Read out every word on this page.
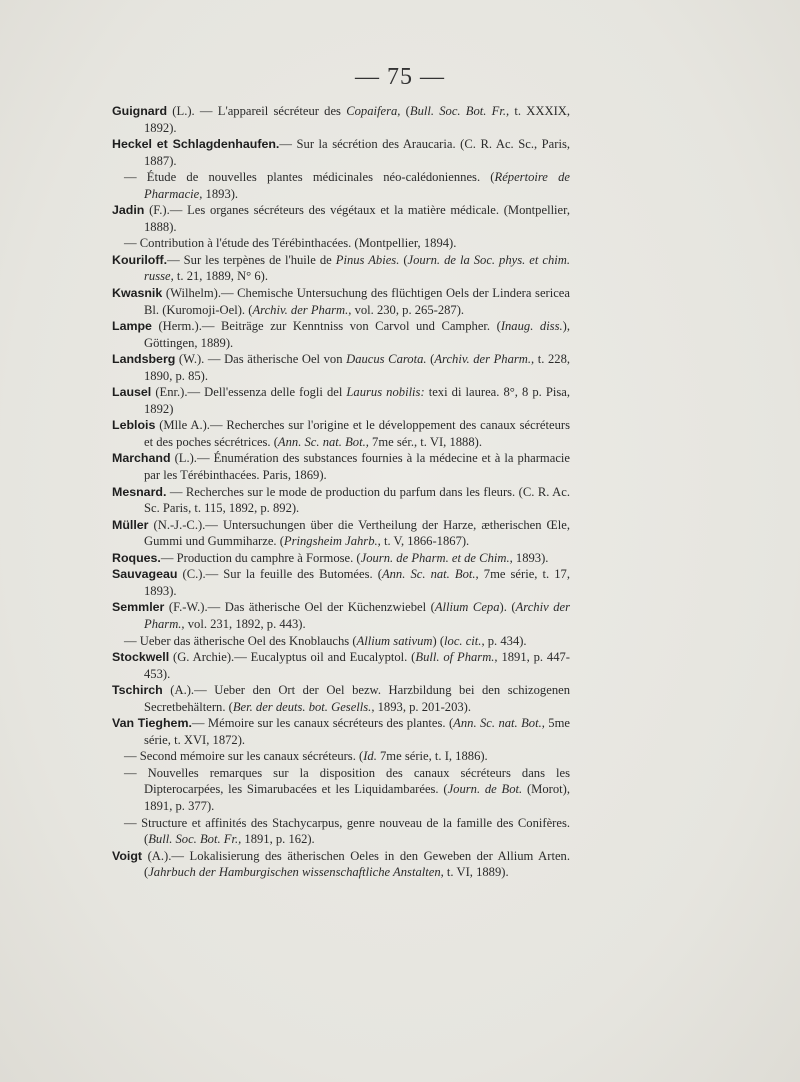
— 75 —
Guignard (L.). — L'appareil sécréteur des Copaifera, (Bull. Soc. Bot. Fr., t. XXXIX, 1892).
Heckel et Schlagdenhaufen.— Sur la sécrétion des Araucaria. (C. R. Ac. Sc., Paris, 1887).
— Étude de nouvelles plantes médicinales néo-calédoniennes. (Répertoire de Pharmacie, 1893).
Jadin (F.).— Les organes sécréteurs des végétaux et la matière médicale. (Montpellier, 1888).
— Contribution à l'étude des Térébinthacées. (Montpellier, 1894).
Kouriloff.— Sur les terpènes de l'huile de Pinus Abies. (Journ. de la Soc. phys. et chim. russe, t. 21, 1889, N° 6).
Kwasnik (Wilhelm).— Chemische Untersuchung des flüchtigen Oels der Lindera sericea Bl. (Kuromoji-Oel). (Archiv. der Pharm., vol. 230, p. 265-287).
Lampe (Herm.).— Beiträge zur Kenntniss von Carvol und Campher. (Inaug. diss.), Göttingen, 1889).
Landsberg (W.). — Das ätherische Oel von Daucus Carota. (Archiv. der Pharm., t. 228, 1890, p. 85).
Lausel (Enr.).— Dell'essenza delle fogli del Laurus nobilis: texi di laurea. 8°, 8 p. Pisa, 1892)
Leblois (Mlle A.).— Recherches sur l'origine et le développement des canaux sécréteurs et des poches sécrétrices. (Ann. Sc. nat. Bot., 7me sér., t. VI, 1888).
Marchand (L.).— Énumération des substances fournies à la médecine et à la pharmacie par les Térébinthacées. Paris, 1869).
Mesnard. — Recherches sur le mode de production du parfum dans les fleurs. (C. R. Ac. Sc. Paris, t. 115, 1892, p. 892).
Müller (N.-J.-C.).— Untersuchungen über die Vertheilung der Harze, ætherischen Œle, Gummi und Gummiharze. (Pringsheim Jahrb., t. V, 1866-1867).
Roques.— Production du camphre à Formose. (Journ. de Pharm. et de Chim., 1893).
Sauvageau (C.).— Sur la feuille des Butomées. (Ann. Sc. nat. Bot., 7me série, t. 17, 1893).
Semmler (F.-W.).— Das ätherische Oel der Küchenzwiebel (Allium Cepa). (Archiv der Pharm., vol. 231, 1892, p. 443).
— Ueber das ätherische Oel des Knoblauchs (Allium sativum) (loc. cit., p. 434).
Stockwell (G. Archie).— Eucalyptus oil and Eucalyptol. (Bull. of Pharm., 1891, p. 447-453).
Tschirch (A.).— Ueber den Ort der Oel bezw. Harzbildung bei den schizogenen Secretbehältern. (Ber. der deuts. bot. Gesells., 1893, p. 201-203).
Van Tieghem.— Mémoire sur les canaux sécréteurs des plantes. (Ann. Sc. nat. Bot., 5me série, t. XVI, 1872).
— Second mémoire sur les canaux sécréteurs. (Id. 7me série, t. I, 1886).
— Nouvelles remarques sur la disposition des canaux sécréteurs dans les Dipterocarpées, les Simarubacées et les Liquidambarées. (Journ. de Bot. (Morot), 1891, p. 377).
— Structure et affinités des Stachycarpus, genre nouveau de la famille des Conifères. (Bull. Soc. Bot. Fr., 1891, p. 162).
Voigt (A.).— Lokalisierung des ätherischen Oeles in den Geweben der Allium Arten. (Jahrbuch der Hamburgischen wissenschaftliche Anstalten, t. VI, 1889).
